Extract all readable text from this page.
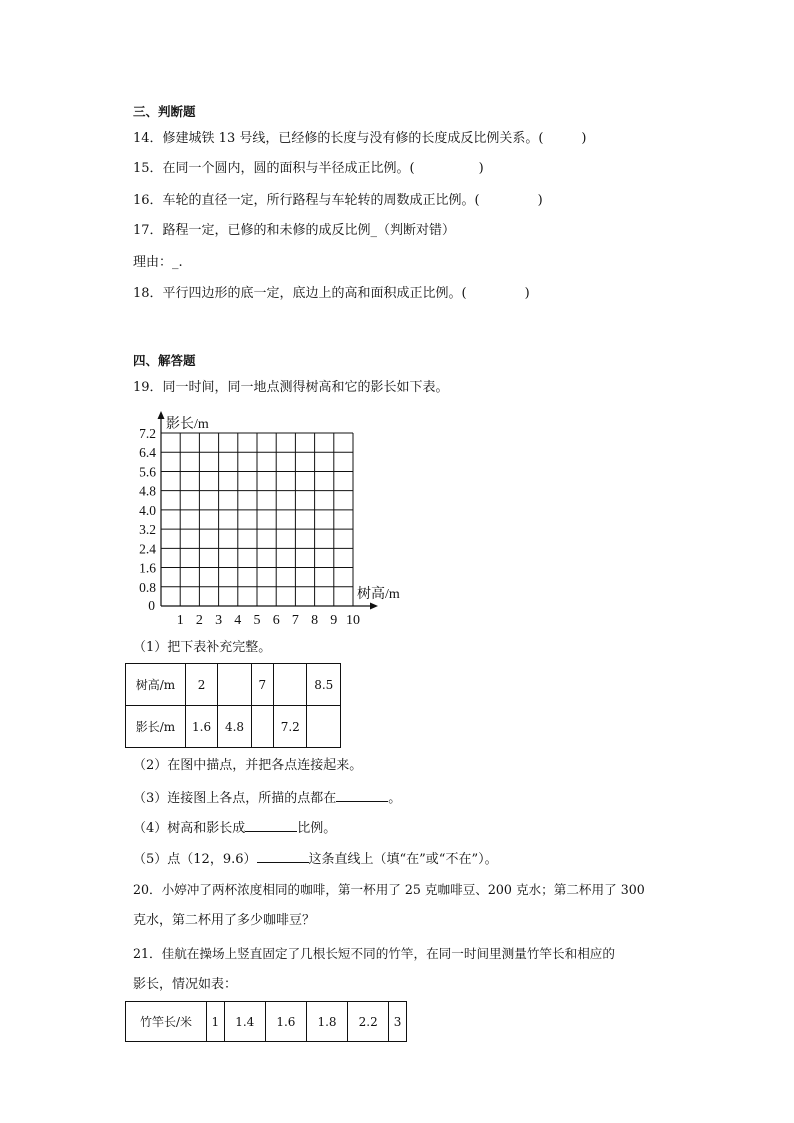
三、判断题
14．修建城铁 13 号线，已经修的长度与没有修的长度成反比例关系。(	)
15．在同一个圆内，圆的面积与半径成正比例。(	)
16．车轮的直径一定，所行路程与车轮转的周数成正比例。(	)
17．路程一定，已修的和未修的成反比例_（判断对错）
理由：_.
18．平行四边形的底一定，底边上的高和面积成正比例。(	)
四、解答题
19．同一时间，同一地点测得树高和它的影长如下表。
1 2 3 4 5 6 7 8 9 10
0.8
1.6
2.4
3.2
4.0
4.8
5.6
6.4
7.2
0
影长/m
树高/m
（1）把下表补充完整。
树高/m	2		7		8.5
影长/m	1.6	4.8		7.2	
（2）在图中描点，并把各点连接起来。
（3）连接图上各点，所描的点都在	。
（4）树高和影长成	比例。
（5）点（12，9.6）	这条直线上（填“在”或“不在”）。
20．小婷冲了两杯浓度相同的咖啡，第一杯用了 25 克咖啡豆、200 克水；第二杯用了 300
克水，第二杯用了多少咖啡豆？
21．佳航在操场上竖直固定了几根长短不同的竹竿，在同一时间里测量竹竿长和相应的
影长，情况如表：
竹竿长/米	1	1.4	1.6	1.8	2.2	3
